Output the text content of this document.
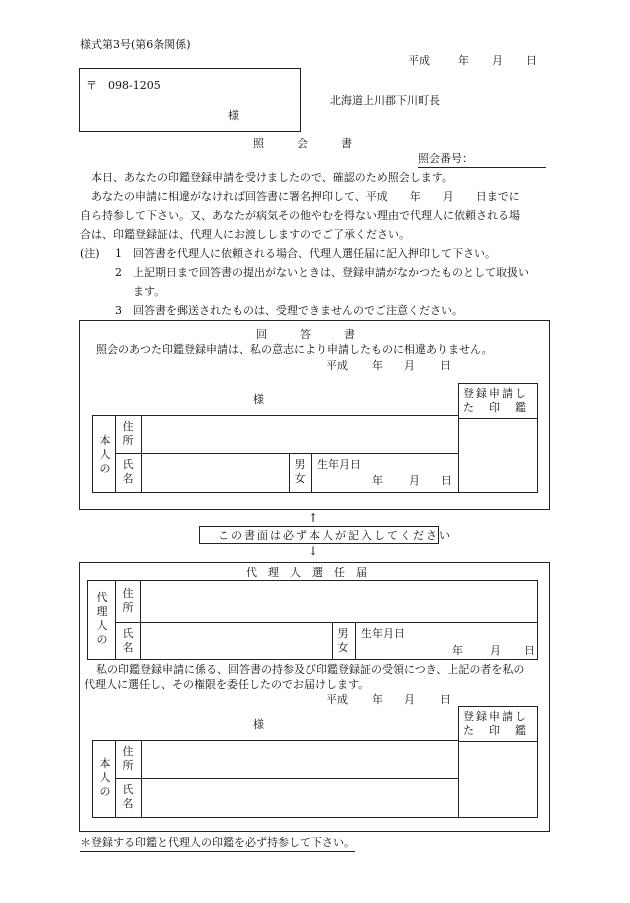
様式第3号(第6条関係)
平成	年 月 日
〒 098-1205
様
北海道上川郡下川町長
照　　　会　　　書
照会番号：
本日、あなたの印鑑登録申請を受けましたので、確認のため照会します。
あなたの申請に相違がなければ回答書に署名押印して、平成　　年　　月　　日までに
自ら持参して下さい。又、あなたが病気その他やむを得ない理由で代理人に依頼される場
合は、印鑑登録証は、代理人にお渡ししますのでご了承ください。
(注) 1 回答書を代理人に依頼される場合、代理人選任届に記入押印して下さい。
2 上記期日まで回答書の提出がないときは、登録申請がなかつたものとして取扱い
ます。
3 回答書を郵送されたものは、受理できませんのでご注意ください。
回　　　答　　　書
照会のあつた印鑑登録申請は、私の意志により申請したものに相違ありません。
平成 年 月 日
様	登録申請し
た　印　鑑
本人の
住所
氏名
男女
生年月日
年 月 日
↑
この書面は必ず本人が記入してください
↓
代　理　人　選　任　届
代理人の
住所
氏名
男女
生年月日
年 月 日
私の印鑑登録申請に係る、回答書の持参及び印鑑登録証の受領につき、上記の者を私の
代理人に選任し、その権限を委任したのでお届けします。
平成 年 月 日
様
登録申請し
た　印　鑑
本人の
住所
氏名
＊登録する印鑑と代理人の印鑑を必ず持参して下さい。
